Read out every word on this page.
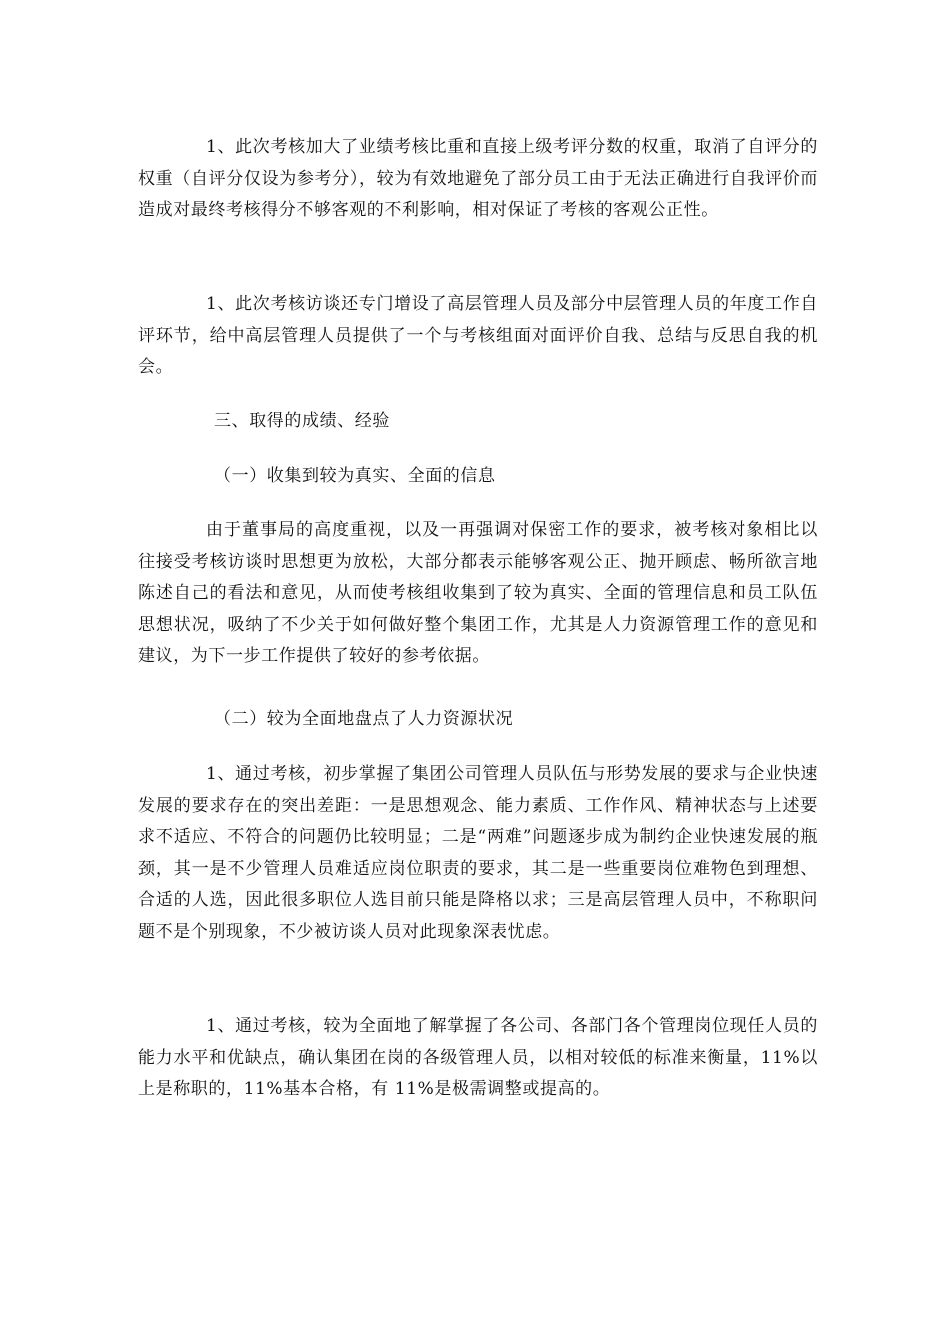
1、此次考核加大了业绩考核比重和直接上级考评分数的权重，取消了自评分的权重（自评分仅设为参考分），较为有效地避免了部分员工由于无法正确进行自我评价而造成对最终考核得分不够客观的不利影响，相对保证了考核的客观公正性。

1、此次考核访谈还专门增设了高层管理人员及部分中层管理人员的年度工作自评环节，给中高层管理人员提供了一个与考核组面对面评价自我、总结与反思自我的机会。

三、取得的成绩、经验

（一）收集到较为真实、全面的信息

由于董事局的高度重视，以及一再强调对保密工作的要求，被考核对象相比以往接受考核访谈时思想更为放松，大部分都表示能够客观公正、抛开顾虑、畅所欲言地陈述自己的看法和意见，从而使考核组收集到了较为真实、全面的管理信息和员工队伍思想状况，吸纳了不少关于如何做好整个集团工作，尤其是人力资源管理工作的意见和建议，为下一步工作提供了较好的参考依据。

（二）较为全面地盘点了人力资源状况

1、通过考核，初步掌握了集团公司管理人员队伍与形势发展的要求与企业快速发展的要求存在的突出差距：一是思想观念、能力素质、工作作风、精神状态与上述要求不适应、不符合的问题仍比较明显；二是“两难”问题逐步成为制约企业快速发展的瓶颈，其一是不少管理人员难适应岗位职责的要求，其二是一些重要岗位难物色到理想、合适的人选，因此很多职位人选目前只能是降格以求；三是高层管理人员中，不称职问题不是个别现象，不少被访谈人员对此现象深表忧虑。

1、通过考核，较为全面地了解掌握了各公司、各部门各个管理岗位现任人员的能力水平和优缺点，确认集团在岗的各级管理人员，以相对较低的标准来衡量，11%以上是称职的，11%基本合格，有 11%是极需调整或提高的。
